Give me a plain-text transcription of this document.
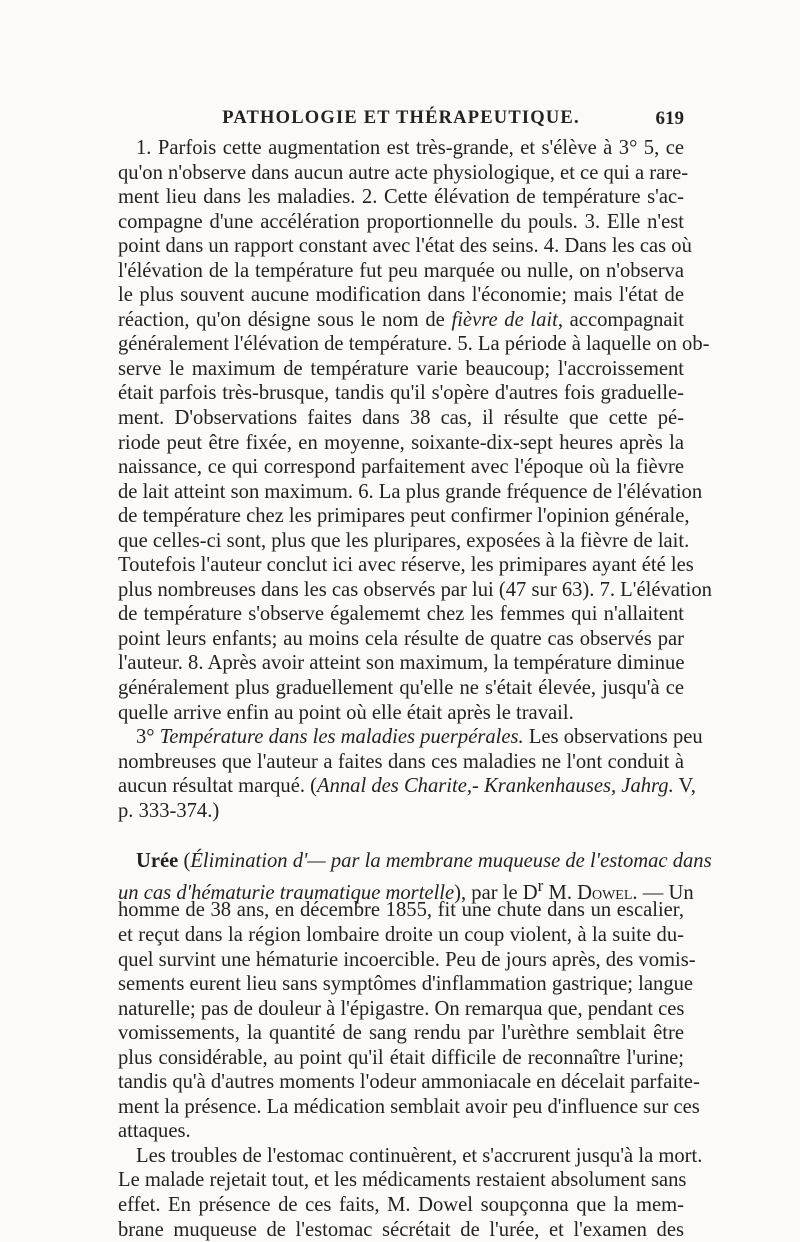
PATHOLOGIE ET THÉRAPEUTIQUE.	619
1. Parfois cette augmentation est très-grande, et s'élève à 3° 5, ce
qu'on n'observe dans aucun autre acte physiologique, et ce qui a rare-
ment lieu dans les maladies. 2. Cette élévation de température s'ac-
compagne d'une accélération proportionnelle du pouls. 3. Elle n'est
point dans un rapport constant avec l'état des seins. 4. Dans les cas où
l'élévation de la température fut peu marquée ou nulle, on n'observa
le plus souvent aucune modification dans l'économie; mais l'état de
réaction, qu'on désigne sous le nom de fièvre de lait, accompagnait
généralement l'élévation de température. 5. La période à laquelle on ob-
serve le maximum de température varie beaucoup; l'accroissement
était parfois très-brusque, tandis qu'il s'opère d'autres fois graduelle-
ment. D'observations faites dans 38 cas, il résulte que cette pé-
riode peut être fixée, en moyenne, soixante-dix-sept heures après la
naissance, ce qui correspond parfaitement avec l'époque où la fièvre
de lait atteint son maximum. 6. La plus grande fréquence de l'élévation
de température chez les primipares peut confirmer l'opinion générale,
que celles-ci sont, plus que les pluripares, exposées à la fièvre de lait.
Toutefois l'auteur conclut ici avec réserve, les primipares ayant été les
plus nombreuses dans les cas observés par lui (47 sur 63). 7. L'élévation
de température s'observe égalememt chez les femmes qui n'allaitent
point leurs enfants; au moins cela résulte de quatre cas observés par
l'auteur. 8. Après avoir atteint son maximum, la température diminue
généralement plus graduellement qu'elle ne s'était élevée, jusqu'à ce
quelle arrive enfin au point où elle était après le travail.
3° Température dans les maladies puerpérales. Les observations peu
nombreuses que l'auteur a faites dans ces maladies ne l'ont conduit à
aucun résultat marqué. (Annal des Charite,- Krankenhauses, Jahrg. V,
p. 333-374.)
Urée (Élimination d'— par la membrane muqueuse de l'estomac dans
un cas d'hématurie traumatique mortelle), par le $D^r$ M. Dowel. — Un
homme de 38 ans, en décembre 1855, fit une chute dans un escalier,
et reçut dans la région lombaire droite un coup violent, à la suite du-
quel survint une hématurie incoercible. Peu de jours après, des vomis-
sements eurent lieu sans symptômes d'inflammation gastrique; langue
naturelle; pas de douleur à l'épigastre. On remarqua que, pendant ces
vomissements, la quantité de sang rendu par l'urèthre semblait être
plus considérable, au point qu'il était difficile de reconnaître l'urine;
tandis qu'à d'autres moments l'odeur ammoniacale en décelait parfaite-
ment la présence. La médication semblait avoir peu d'influence sur ces
attaques.
Les troubles de l'estomac continuèrent, et s'accrurent jusqu'à la mort.
Le malade rejetait tout, et les médicaments restaient absolument sans
effet. En présence de ces faits, M. Dowel soupçonna que la mem-
brane muqueuse de l'estomac sécrétait de l'urée, et l'examen des
